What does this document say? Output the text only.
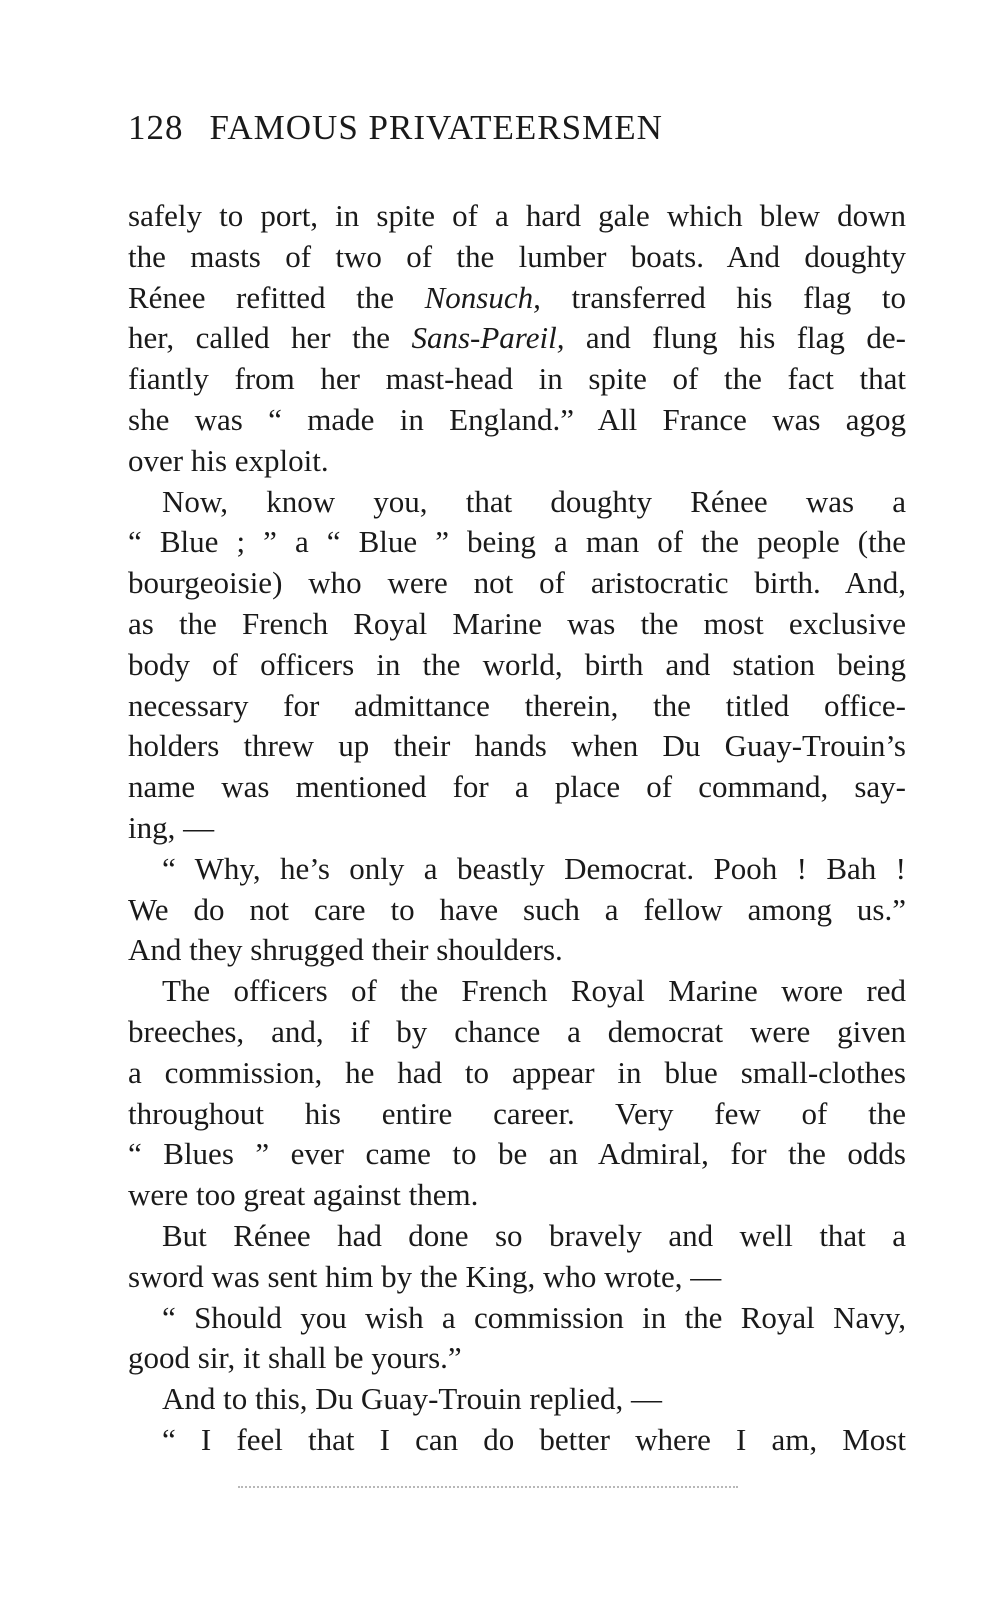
128 FAMOUS PRIVATEERSMEN
safely to port, in spite of a hard gale which blew down
the masts of two of the lumber boats. And doughty
Rénee refitted the Nonsuch, transferred his flag to
her, called her the Sans-Pareil, and flung his flag de-
fiantly from her mast-head in spite of the fact that
she was “ made in England.” All France was agog
over his exploit.
Now, know you, that doughty Rénee was a
“ Blue ; ” a “ Blue ” being a man of the people (the
bourgeoisie) who were not of aristocratic birth. And,
as the French Royal Marine was the most exclusive
body of officers in the world, birth and station being
necessary for admittance therein, the titled office-
holders threw up their hands when Du Guay-Trouin’s
name was mentioned for a place of command, say-
ing, —
“ Why, he’s only a beastly Democrat. Pooh ! Bah !
We do not care to have such a fellow among us.”
And they shrugged their shoulders.
The officers of the French Royal Marine wore red
breeches, and, if by chance a democrat were given
a commission, he had to appear in blue small-clothes
throughout his entire career. Very few of the
“ Blues ” ever came to be an Admiral, for the odds
were too great against them.
But Rénee had done so bravely and well that a
sword was sent him by the King, who wrote, —
“ Should you wish a commission in the Royal Navy,
good sir, it shall be yours.”
And to this, Du Guay-Trouin replied, —
“ I feel that I can do better where I am, Most
